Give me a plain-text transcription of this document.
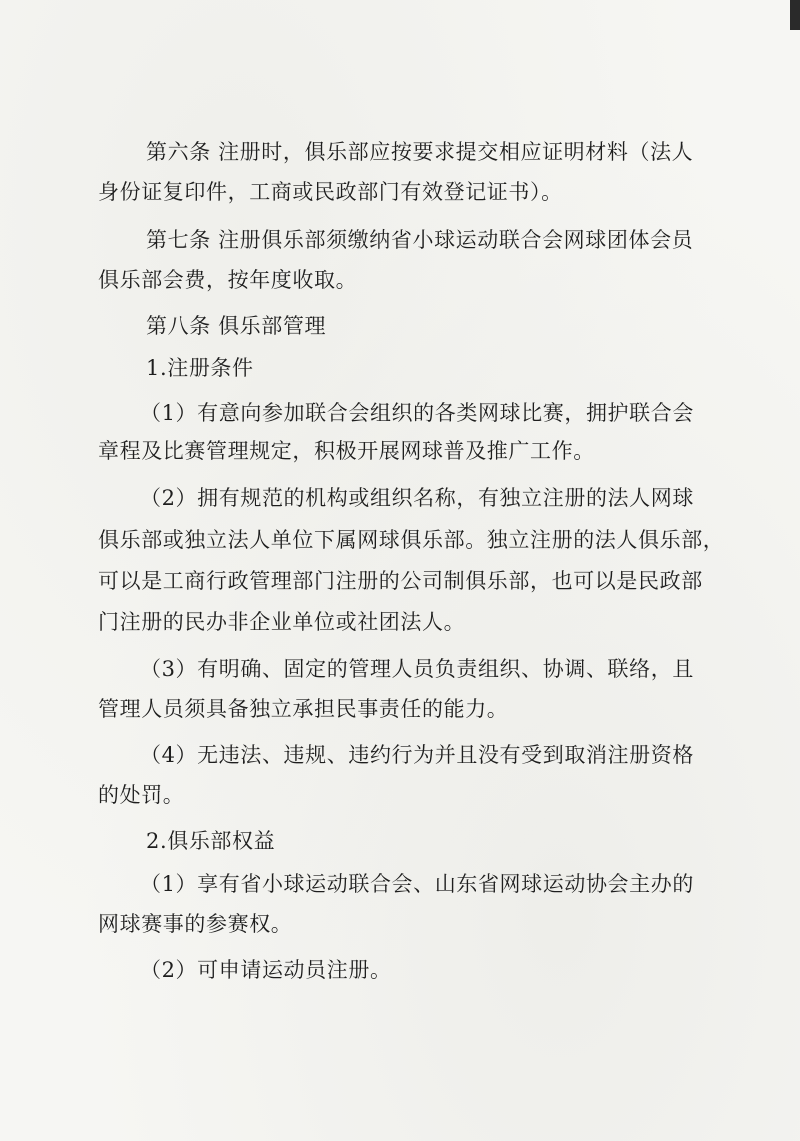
第六条 注册时，俱乐部应按要求提交相应证明材料（法人
身份证复印件，工商或民政部门有效登记证书）。
第七条 注册俱乐部须缴纳省小球运动联合会网球团体会员
俱乐部会费，按年度收取。
第八条 俱乐部管理
1.注册条件
（1）有意向参加联合会组织的各类网球比赛，拥护联合会
章程及比赛管理规定，积极开展网球普及推广工作。
（2）拥有规范的机构或组织名称，有独立注册的法人网球
俱乐部或独立法人单位下属网球俱乐部。独立注册的法人俱乐部，
可以是工商行政管理部门注册的公司制俱乐部，也可以是民政部
门注册的民办非企业单位或社团法人。
（3）有明确、固定的管理人员负责组织、协调、联络，且
管理人员须具备独立承担民事责任的能力。
（4）无违法、违规、违约行为并且没有受到取消注册资格
的处罚。
2.俱乐部权益
（1）享有省小球运动联合会、山东省网球运动协会主办的
网球赛事的参赛权。
（2）可申请运动员注册。
